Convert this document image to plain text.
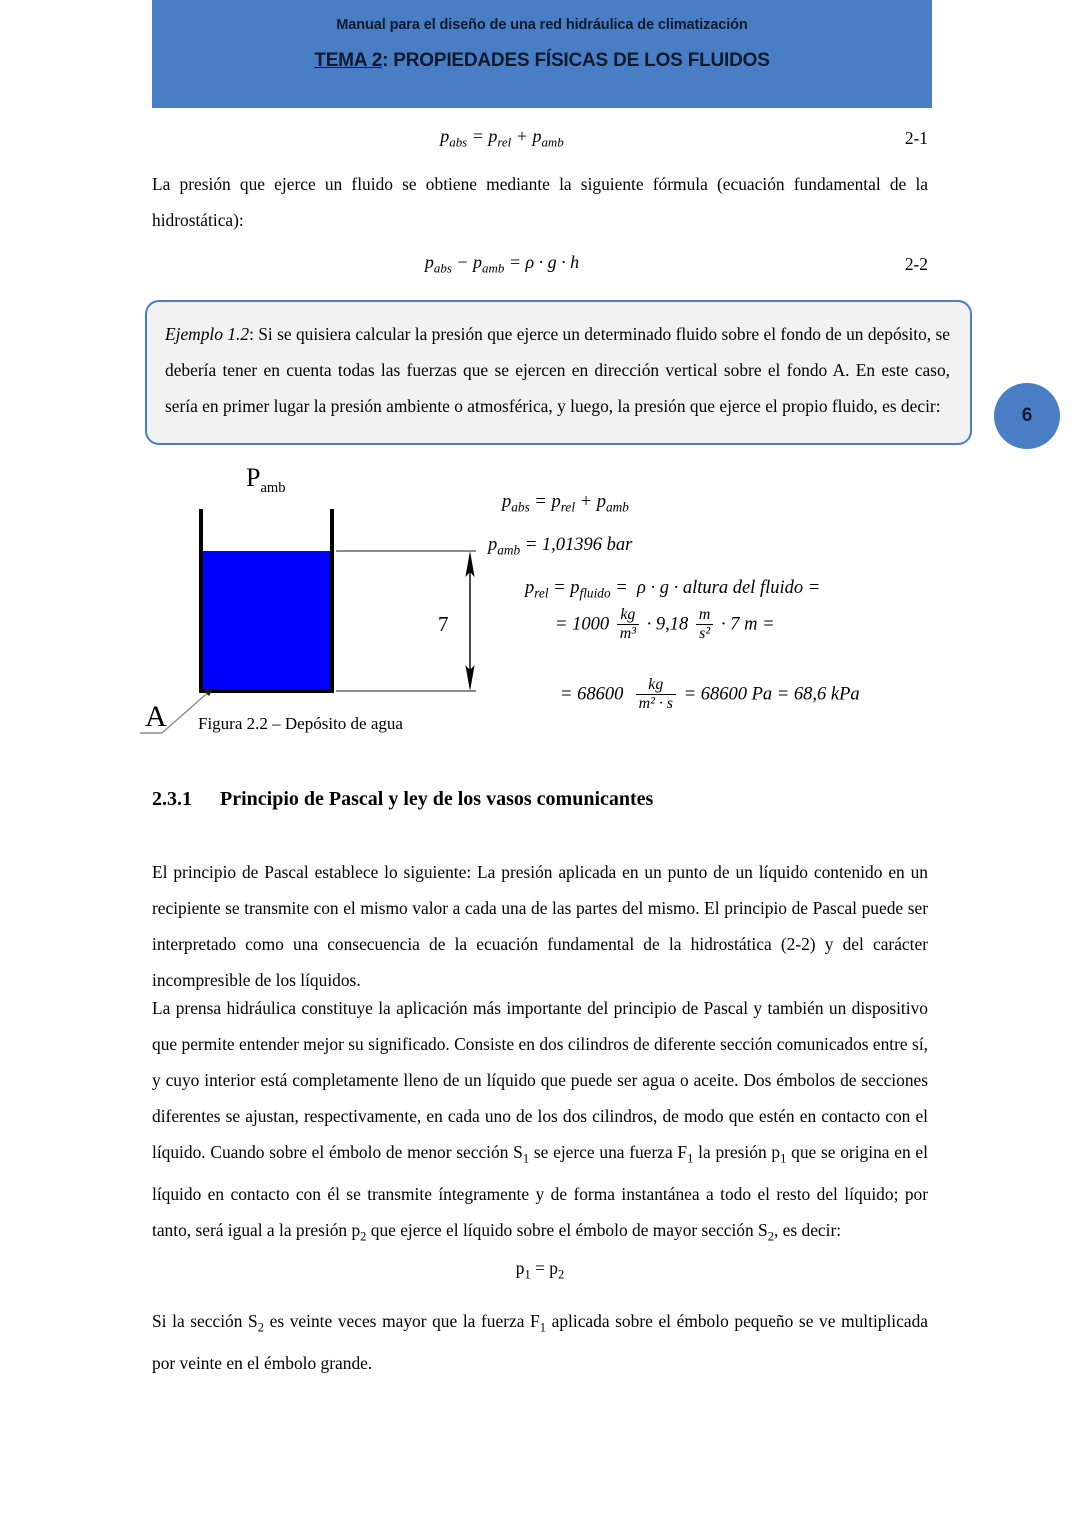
Manual para el diseño de una red hidráulica de climatización
TEMA 2: PROPIEDADES FÍSICAS DE LOS FLUIDOS
6
$p_{abs} = p_{rel} + p_{amb}$	2-1
La presión que ejerce un fluido se obtiene mediante la siguiente fórmula (ecuación fundamental de la hidrostática):
$p_{abs} - p_{amb} = \rho \cdot g \cdot h$	2-2
Ejemplo 1.2: Si se quisiera calcular la presión que ejerce un determinado fluido sobre el fondo de un depósito, se debería tener en cuenta todas las fuerzas que se ejercen en dirección vertical sobre el fondo A. En este caso, sería en primer lugar la presión ambiente o atmosférica, y luego, la presión que ejerce el propio fluido, es decir:
$P_{amb}$
7
A Figura 2.2 – Depósito de agua
$p_{abs} = p_{rel} + p_{amb}$
$p_{amb} = 1,01396$ bar
$p_{rel} = p_{fluido} = \rho \cdot g$ · altura del fluido =
= $1000 \frac{kg}{\text{m³}} \cdot 9,18 \frac{m}{\text{s²}} \cdot 7$ m =
= $68600 \frac{kg}{\text{m² · s}} = 68600$ Pa = 68,6 kPa
2.3.1 Principio de Pascal y ley de los vasos comunicantes
El principio de Pascal establece lo siguiente: La presión aplicada en un punto de un líquido contenido en un recipiente se transmite con el mismo valor a cada una de las partes del mismo. El principio de Pascal puede ser interpretado como una consecuencia de la ecuación fundamental de la hidrostática (2-2) y del carácter incompresible de los líquidos.
La prensa hidráulica constituye la aplicación más importante del principio de Pascal y también un dispositivo que permite entender mejor su significado. Consiste en dos cilindros de diferente sección comunicados entre sí, y cuyo interior está completamente lleno de un líquido que puede ser agua o aceite. Dos émbolos de secciones diferentes se ajustan, respectivamente, en cada uno de los dos cilindros, de modo que estén en contacto con el líquido. Cuando sobre el émbolo de menor sección $S_1$ se ejerce una fuerza $F_1$ la presión $p_1$ que se origina en el líquido en contacto con él se transmite íntegramente y de forma instantánea a todo el resto del líquido; por tanto, será igual a la presión $p_2$ que ejerce el líquido sobre el émbolo de mayor sección $S_2$, es decir:
$p_1 = p_2$
Si la sección $S_2$ es veinte veces mayor que la fuerza $F_1$ aplicada sobre el émbolo pequeño se ve multiplicada por veinte en el émbolo grande.
